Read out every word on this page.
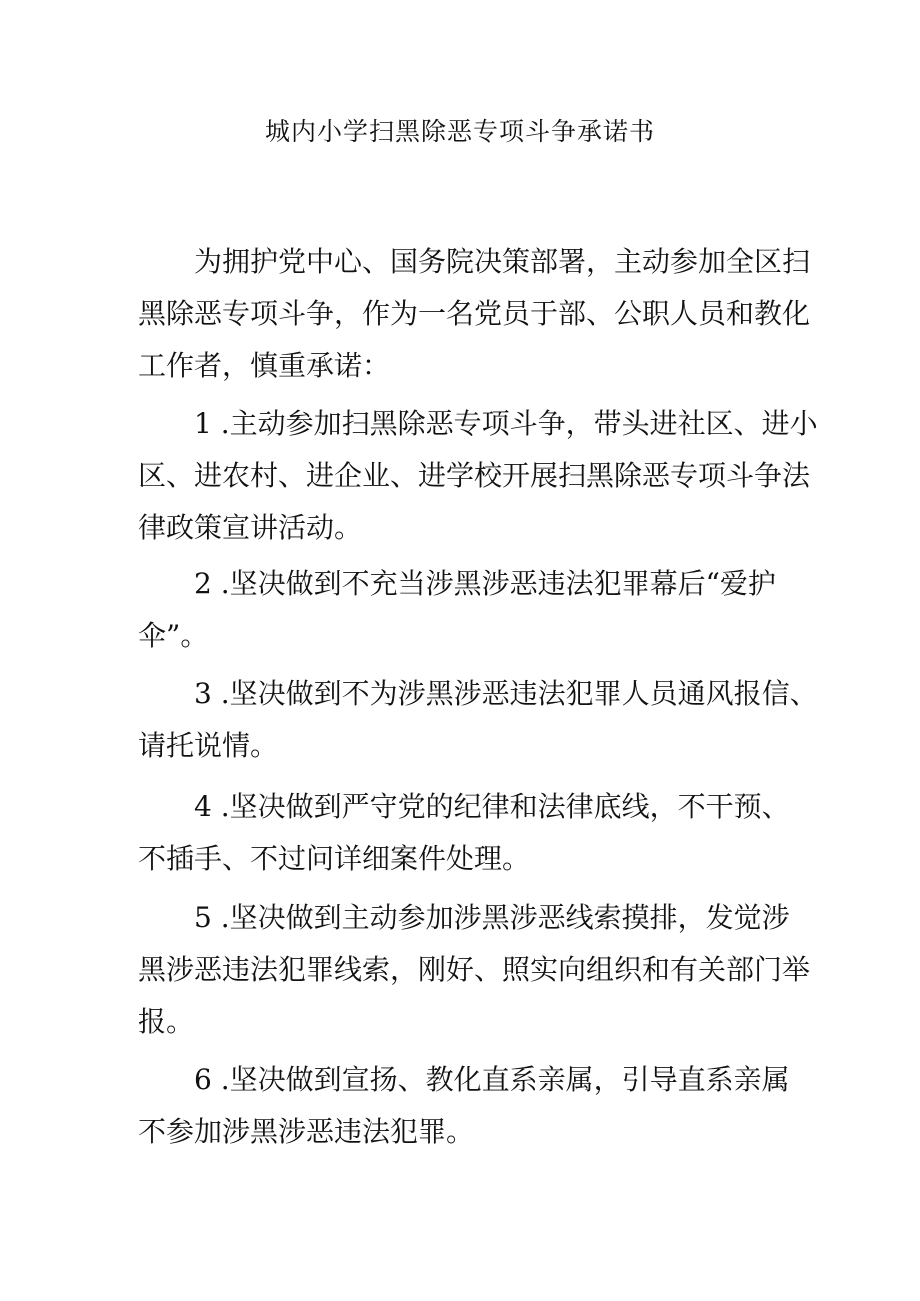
城内小学扫黑除恶专项斗争承诺书
为拥护党中心、国务院决策部署，主动参加全区扫
黑除恶专项斗争，作为一名党员于部、公职人员和教化
工作者，慎重承诺：
1 .主动参加扫黑除恶专项斗争，带头进社区、进小
区、进农村、进企业、进学校开展扫黑除恶专项斗争法
律政策宣讲活动。
2 .坚决做到不充当涉黑涉恶违法犯罪幕后“爱护
伞”。
3 .坚决做到不为涉黑涉恶违法犯罪人员通风报信、
请托说情。
4 .坚决做到严守党的纪律和法律底线，不干预、
不插手、不过问详细案件处理。
5 .坚决做到主动参加涉黑涉恶线索摸排，发觉涉
黑涉恶违法犯罪线索，刚好、照实向组织和有关部门举
报。
6 .坚决做到宣扬、教化直系亲属，引导直系亲属
不参加涉黑涉恶违法犯罪。
